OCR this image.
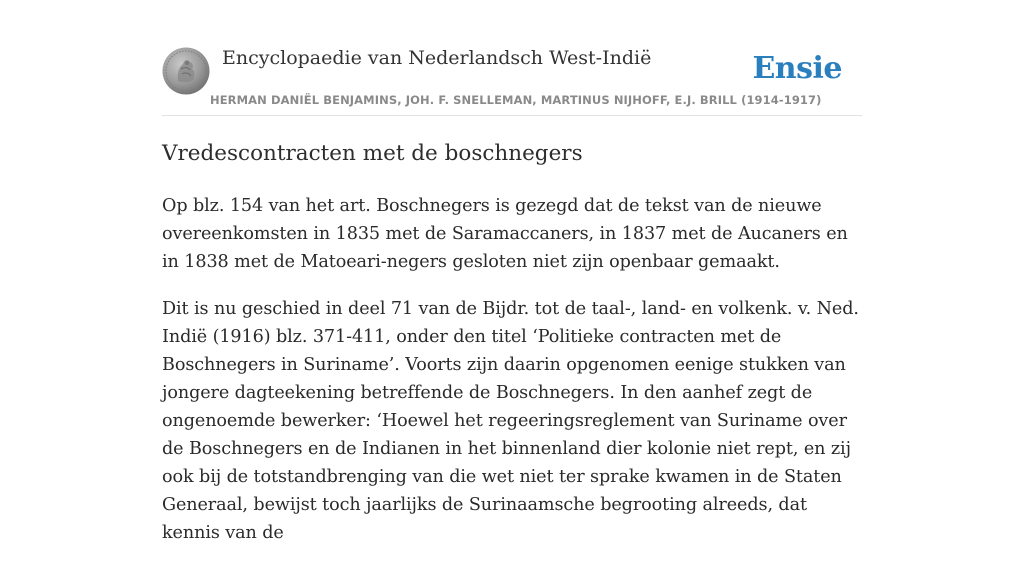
Encyclopaedie van Nederlandsch West-Indië	Ensie
HERMAN DANIËL BENJAMINS, JOH. F. SNELLEMAN, MARTINUS NIJHOFF, E.J. BRILL (1914-1917)
Vredescontracten met de boschnegers

Op blz. 154 van het art. Boschnegers is gezegd dat de tekst van de nieuwe overeenkomsten in 1835 met de Saramaccaners, in 1837 met de Aucaners en in 1838 met de Matoeari-negers gesloten niet zijn openbaar gemaakt.

Dit is nu geschied in deel 71 van de Bijdr. tot de taal-, land- en volkenk. v. Ned. Indië (1916) blz. 371-411, onder den titel ‘Politieke contracten met de Boschnegers in Suriname’. Voorts zijn daarin opgenomen eenige stukken van jongere dagteekening betreffende de Boschnegers. In den aanhef zegt de ongenoemde bewerker: ‘Hoewel het regeeringsreglement van Suriname over de Boschnegers en de Indianen in het binnenland dier kolonie niet rept, en zij ook bij de totstandbrenging van die wet niet ter sprake kwamen in de Staten Generaal, bewijst toch jaarlijks de Surinaamsche begrooting alreeds, dat kennis van de
